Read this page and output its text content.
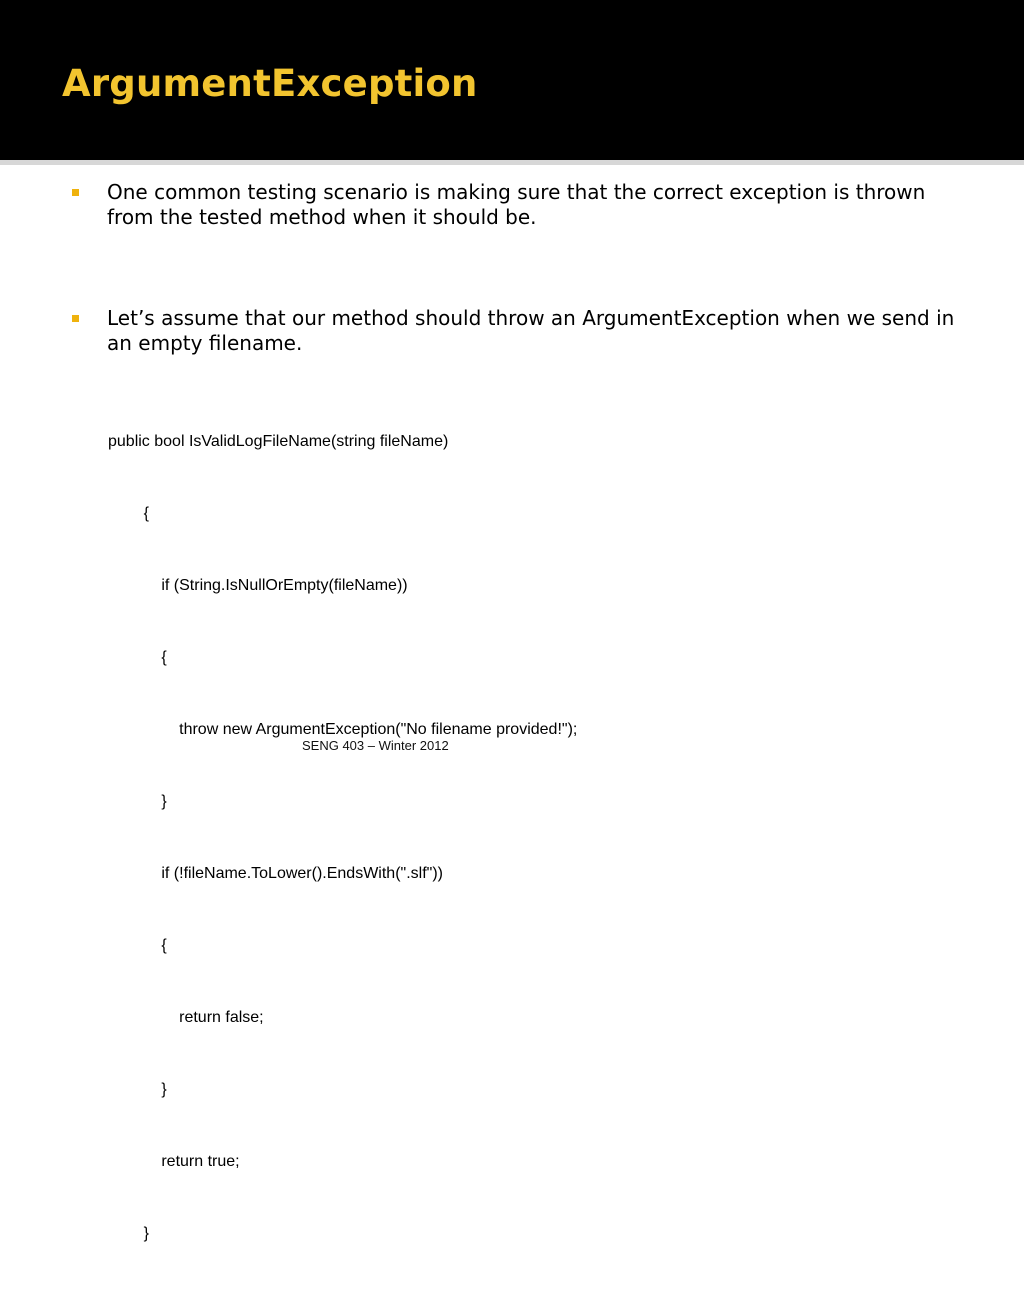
ArgumentException
One common testing scenario is making sure that the correct exception is thrown from the tested method when it should be.
Let’s assume that our method should throw an ArgumentException when we send in an empty filename.

public bool IsValidLogFileName(string fileName)

{

if (String.IsNullOrEmpty(fileName))

{

throw new ArgumentException("No filename provided!");

}

if (!fileName.ToLower().EndsWith(".slf"))

{

return false;

}

return true;

}

SENG 403 – Winter 2012
